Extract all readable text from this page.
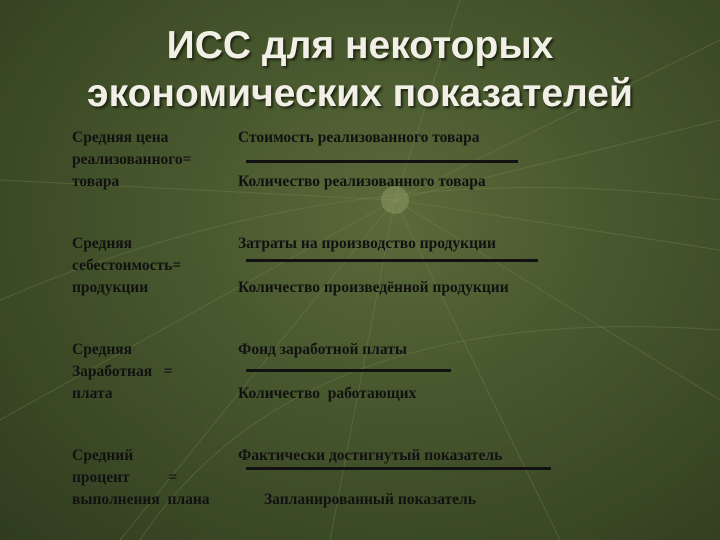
ИСС для некоторых
экономических показателей
Средняя цена
реализованного=
товара
Стоимость реализованного товара
Количество реализованного товара
Средняя
себестоимость=
продукции
Затраты на производство продукции
Количество произведённой продукции
Средняя
Заработная   =
плата
Фонд заработной платы
Количество  работающих
Средний
процент          =
выполнения  плана
Фактически достигнутый показатель
Запланированный показатель
